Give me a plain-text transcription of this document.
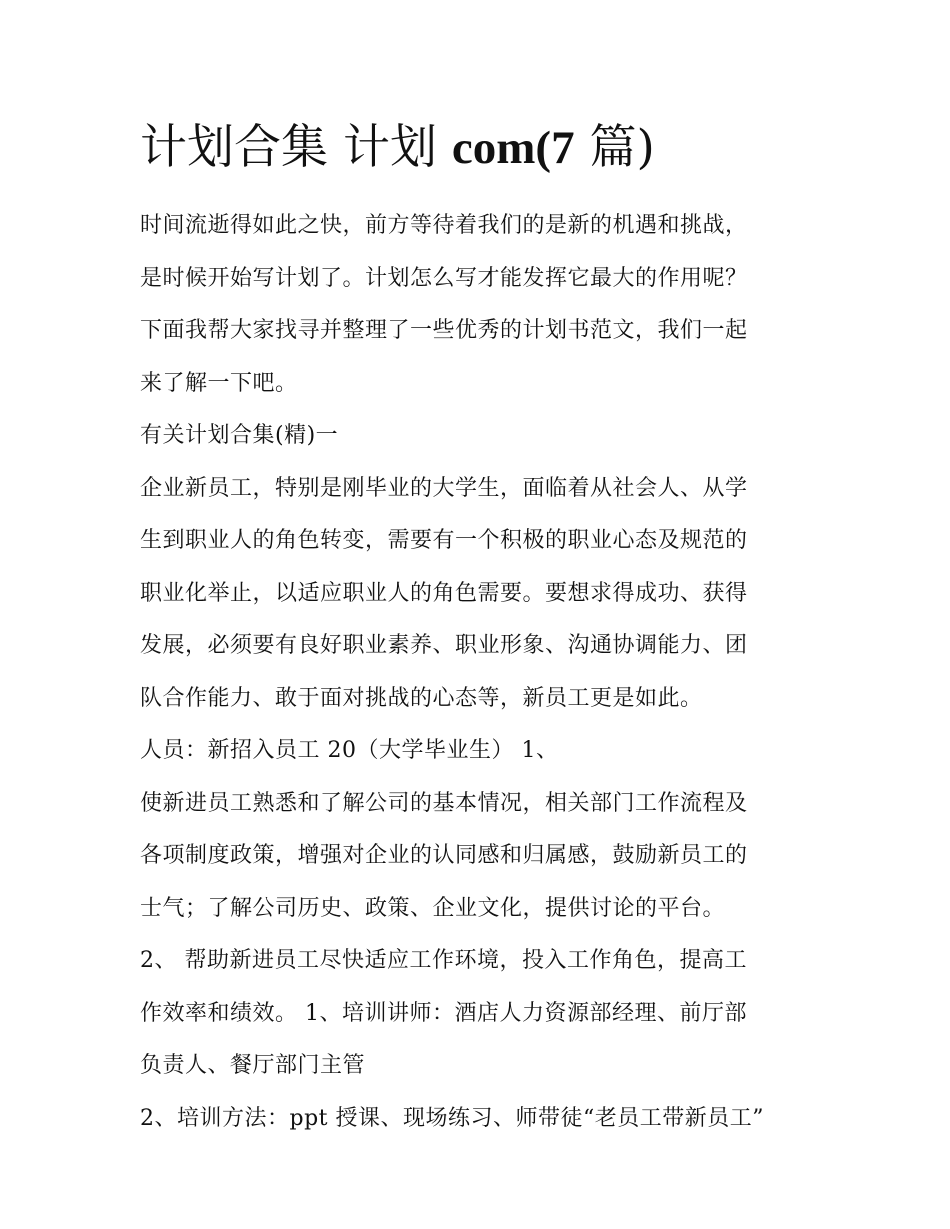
计划合集 计划 com(7 篇)
时间流逝得如此之快，前方等待着我们的是新的机遇和挑战，
是时候开始写计划了。计划怎么写才能发挥它最大的作用呢？
下面我帮大家找寻并整理了一些优秀的计划书范文，我们一起
来了解一下吧。
有关计划合集(精)一
企业新员工，特别是刚毕业的大学生，面临着从社会人、从学
生到职业人的角色转变，需要有一个积极的职业心态及规范的
职业化举止，以适应职业人的角色需要。要想求得成功、获得
发展，必须要有良好职业素养、职业形象、沟通协调能力、团
队合作能力、敢于面对挑战的心态等，新员工更是如此。
人员：新招入员工 20（大学毕业生） 1、
使新进员工熟悉和了解公司的基本情况，相关部门工作流程及
各项制度政策，增强对企业的认同感和归属感，鼓励新员工的
士气；了解公司历史、政策、企业文化，提供讨论的平台。
2、 帮助新进员工尽快适应工作环境，投入工作角色，提高工
作效率和绩效。 1、培训讲师：酒店人力资源部经理、前厅部
负责人、餐厅部门主管
2、培训方法：ppt 授课、现场练习、师带徒“老员工带新员工”
